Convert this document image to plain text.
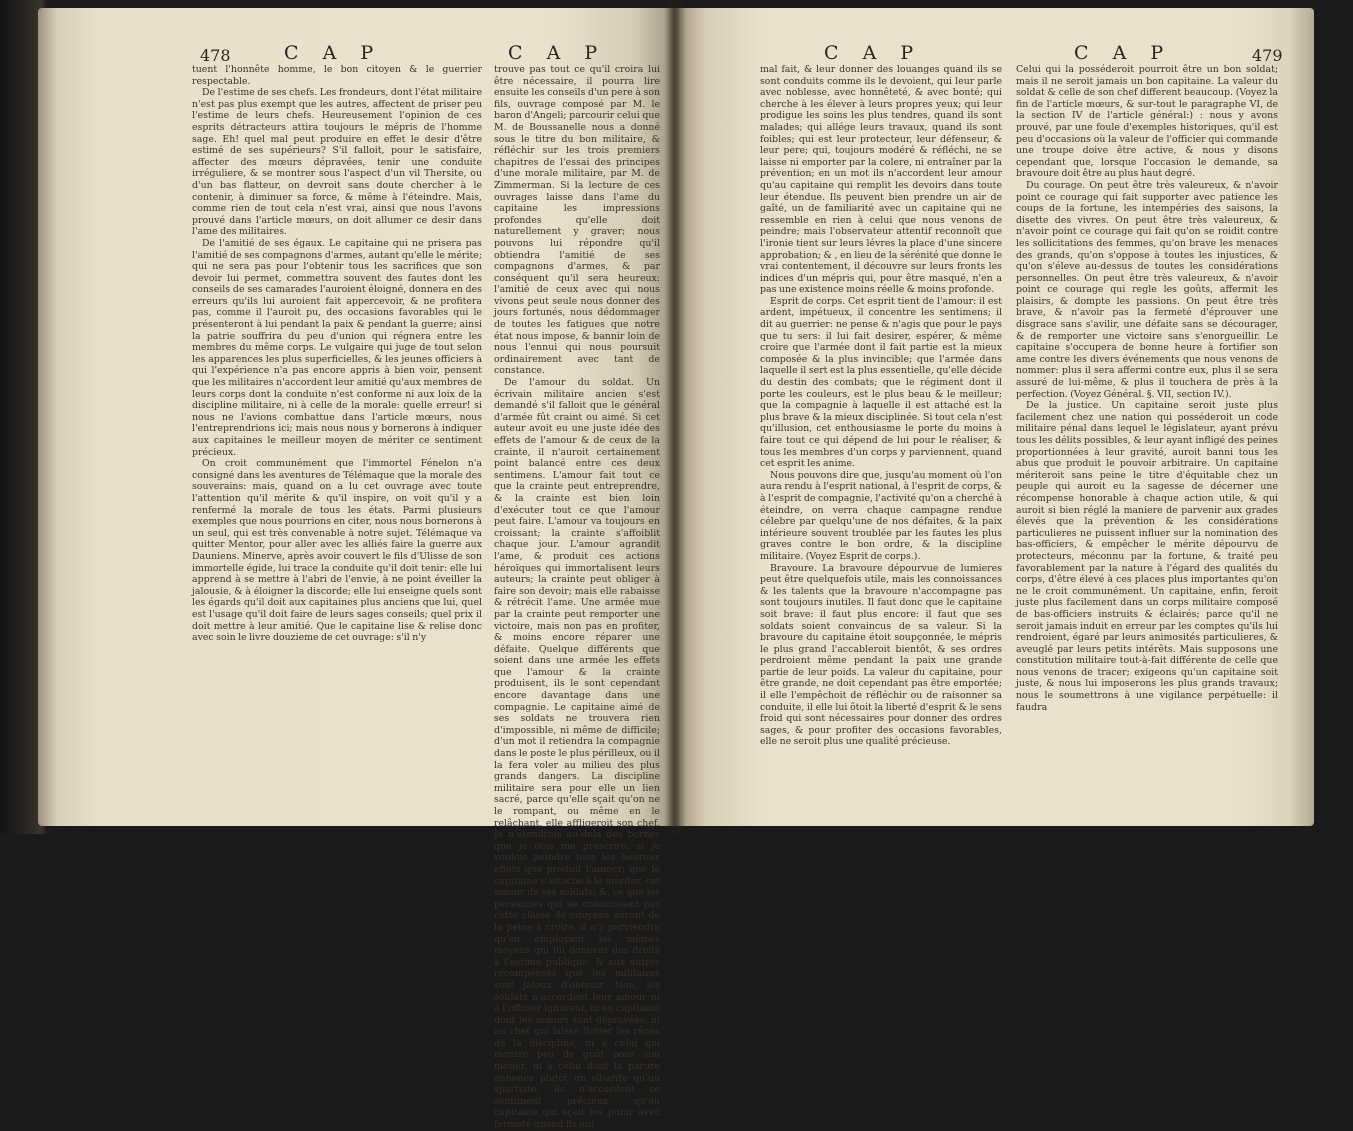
478	C A P	C A P

tuent l'honnête homme, le bon citoyen & le guerrier respectable.

De l'estime de ses chefs. Les frondeurs, dont l'état militaire n'est pas plus exempt que les autres, affectent de priser peu l'estime de leurs chefs. Heureusement l'opinion de ces esprits détracteurs attira toujours le mépris de l'homme sage. Eh! quel mal peut produire en effet le desir d'être estimé de ses supérieurs? S'il falloit, pour le satisfaire, affecter des mœurs dépravées, tenir une conduite irréguliere, & se montrer sous l'aspect d'un vil Thersite, ou d'un bas flatteur, on devroit sans doute chercher à le contenir, à diminuer sa force, & même à l'éteindre. Mais, comme rien de tout cela n'est vrai, ainsi que nous l'avons prouvé dans l'article mœurs, on doit allumer ce desir dans l'ame des militaires.

De l'amitié de ses égaux. Le capitaine qui ne prisera pas l'amitié de ses compagnons d'armes, autant qu'elle le mérite; qui ne sera pas pour l'obtenir tous les sacrifices que son devoir lui permet, commettra souvent des fautes dont les conseils de ses camarades l'auroient éloigné, donnera en des erreurs qu'ils lui auroient fait appercevoir, & ne profitera pas, comme il l'auroit pu, des occasions favorables qui le présenteront à lui pendant la paix & pendant la guerre; ainsi la patrie souffrira du peu d'union qui régnera entre les membres du même corps. Le vulgaire qui juge de tout selon les apparences les plus superficielles, & les jeunes officiers à qui l'expérience n'a pas encore appris à bien voir, pensent que les militaires n'accordent leur amitié qu'aux membres de leurs corps dont la conduite n'est conforme ni aux loix de la discipline militaire, ni à celle de la morale: quelle erreur! si nous ne l'avions combattue dans l'article mœurs, nous l'entreprendrions ici; mais nous nous y bornerons à indiquer aux capitaines le meilleur moyen de mériter ce sentiment précieux.

On croit communément que l'immortel Fénelon n'a consigné dans les aventures de Télémaque que la morale des souverains: mais, quand on a lu cet ouvrage avec toute l'attention qu'il mérite & qu'il inspire, on voit qu'il y a renfermé la morale de tous les états. Parmi plusieurs exemples que nous pourrions en citer, nous nous bornerons à un seul, qui est très convenable à notre sujet. Télémaque va quitter Mentor, pour aller avec les alliés faire la guerre aux Dauniens. Minerve, après avoir couvert le fils d'Ulisse de son immortelle égide, lui trace la conduite qu'il doit tenir: elle lui apprend à se mettre à l'abri de l'envie, à ne point éveiller la jalousie, & à éloigner la discorde; elle lui enseigne quels sont les égards qu'il doit aux capitaines plus anciens que lui, quel est l'usage qu'il doit faire de leurs sages conseils; quel prix il doit mettre à leur amitié. Que le capitaine lise & relise donc avec soin le livre douzieme de cet ouvrage: s'il n'y

trouve pas tout ce qu'il croira lui être nécessaire, il pourra lire ensuite les conseils d'un pere à son fils, ouvrage composé par M. le baron d'Angeli; parcourir celui que M. de Boussanelle nous a donné sous le titre du bon militaire, & réfléchir sur les trois premiers chapitres de l'essai des principes d'une morale militaire, par M. de Zimmerman. Si la lecture de ces ouvrages laisse dans l'ame du capitaine les impressions profondes qu'elle doit naturellement y graver; nous pouvons lui répondre qu'il obtiendra l'amitié de ses compagnons d'armes, & par conséquent qu'il sera heureux: l'amitié de ceux avec qui nous vivons peut seule nous donner des jours fortunés, nous dédommager de toutes les fatigues que notre état nous impose, & bannir loin de nous l'ennui qui nous poursuit ordinairement avec tant de constance.

De l'amour du soldat. Un écrivain militaire ancien s'est demandé s'il falloit que le général d'armée fût craint ou aimé. Si cet auteur avoit eu une juste idée des effets de l'amour & de ceux de la crainte, il n'auroit certainement point balancé entre ces deux sentimens. L'amour fait tout ce que la crainte peut entreprendre, & la crainte est bien loin d'exécuter tout ce que l'amour peut faire. L'amour va toujours en croissant; la crainte s'affoiblit chaque jour. L'amour agrandit l'ame, & produit ces actions héroïques qui immortalisent leurs auteurs; la crainte peut obliger à faire son devoir; mais elle rabaisse & rétrécit l'ame. Une armée mue par la crainte peut remporter une victoire, mais non pas en profiter, & moins encore réparer une défaite. Quelque différents que soient dans une armée les effets que l'amour & la crainte produisent, ils le sont cependant encore davantage dans une compagnie. Le capitaine aimé de ses soldats ne trouvera rien d'impossible, ni même de difficile; d'un mot il retiendra la compagnie dans le poste le plus périlleux, ou il la fera voler au milieu des plus grands dangers. La discipline militaire sera pour elle un lien sacré, parce qu'elle sçait qu'on ne le rompant, ou même en le relâchant, elle affligeroit son chef. Je n'étendrois au-delà des bornes que je dois me prescrire, si je voulois peindre tous les heureux effets que produit l'amour; que le capitaine s'attache à le mériter, cet amour de ses soldats; &, ce que les personnes qui ne connoissent pas cette classe de citoyens auront de la peine à croire, il n'y parviendra qu'en employant les mêmes moyens qui lui donnent des droits à l'estime publique, & aux autres récompenses que les militaires sont jaloux d'obtenir. Non, les soldats n'accordent leur amour ni à l'officier ignorant, ni au capitaine dont les mœurs sont dépravées, ni au chef qui laisse flotter les rênes de la discipline, ni à celui qui montre peu de goût pour son métier, ni à celui dont la parure annonce plutôt un sibarite qu'un spartiate: ils n'accordent ce sentiment précieux qu'au capitaine qui sçait les punir avec fermeté quand ils ont

C A P	C A P	479

mal fait, & leur donner des louanges quand ils se sont conduits comme ils le devoient, qui leur parle avec noblesse, avec honnêteté, & avec bonté; qui cherche à les élever à leurs propres yeux; qui leur prodigue les soins les plus tendres, quand ils sont malades; qui allége leurs travaux, quand ils sont foibles; qui est leur protecteur, leur défenseur, & leur pere; qui, toujours modéré & réfléchi, ne se laisse ni emporter par la colere, ni entraîner par la prévention; en un mot ils n'accordent leur amour qu'au capitaine qui remplit les devoirs dans toute leur étendue. Ils peuvent bien prendre un air de gaîté, un de familiarité avec un capitaine qui ne ressemble en rien à celui que nous venons de peindre; mais l'observateur attentif reconnoît que l'ironie tient sur leurs lévres la place d'une sincere approbation; & , en lieu de la sérénité que donne le vrai contentement, il découvre sur leurs fronts les indices d'un mépris qui, pour être masqué, n'en a pas une existence moins réelle & moins profonde.

Esprit de corps. Cet esprit tient de l'amour: il est ardent, impétueux, il concentre les sentimens; il dit au guerrier: ne pense & n'agis que pour le pays que tu sers: il lui fait desirer, espérer, & même croire que l'armée dont il fait partie est la mieux composée & la plus invincible; que l'armée dans laquelle il sert est la plus essentielle, qu'elle décide du destin des combats; que le régiment dont il porte les couleurs, est le plus beau & le meilleur; que la compagnie à laquelle il est attaché est la plus brave & la mieux disciplinée. Si tout cela n'est qu'illusion, cet enthousiasme le porte du moins à faire tout ce qui dépend de lui pour le réaliser, & tous les membres d'un corps y parviennent, quand cet esprit les anime.

Nous pouvons dire que, jusqu'au moment où l'on aura rendu à l'esprit national, à l'esprit de corps, & à l'esprit de compagnie, l'activité qu'on a cherché à éteindre, on verra chaque campagne rendue célebre par quelqu'une de nos défaites, & la paix intérieure souvent troublée par les fautes les plus graves contre le bon ordre, & la discipline militaire. (Voyez Esprit de corps.).

Bravoure. La bravoure dépourvue de lumieres peut être quelquefois utile, mais les connoissances & les talents que la bravoure n'accompagne pas sont toujours inutiles. Il faut donc que le capitaine soit brave: il faut plus encore: il faut que ses soldats soient convaincus de sa valeur. Si la bravoure du capitaine étoit soupçonnée, le mépris le plus grand l'accableroit bientôt, & ses ordres perdroient même pendant la paix une grande partie de leur poids. La valeur du capitaine, pour être grande, ne doit cependant pas être emportée; il elle l'empêchoit de réfléchir ou de raisonner sa conduite, il elle lui ôtoit la liberté d'esprit & le sens froid qui sont nécessaires pour donner des ordres sages, & pour profiter des occasions favorables, elle ne seroit plus une qualité précieuse.

Celui qui la posséderoit pourroit être un bon soldat; mais il ne seroit jamais un bon capitaine. La valeur du soldat & celle de son chef different beaucoup. (Voyez la fin de l'article mœurs, & sur-tout le paragraphe VI, de la section IV de l'article général:) : nous y avons prouvé, par une foule d'exemples historiques, qu'il est peu d'occasions où la valeur de l'officier qui commande une troupe doive être active, & nous y disons cependant que, lorsque l'occasion le demande, sa bravoure doit être au plus haut degré.

Du courage. On peut être très valeureux, & n'avoir point ce courage qui fait supporter avec patience les coups de la fortune, les intempéries des saisons, la disette des vivres. On peut être très valeureux, & n'avoir point ce courage qui fait qu'on se roidit contre les sollicitations des femmes, qu'on brave les menaces des grands, qu'on s'oppose à toutes les injustices, & qu'on s'éleve au-dessus de toutes les considérations personnelles. On peut être très valeureux, & n'avoir point ce courage qui regle les goûts, affermit les plaisirs, & dompte les passions. On peut être très brave, & n'avoir pas la fermeté d'éprouver une disgrace sans s'avilir, une défaite sans se décourager, & de remporter une victoire sans s'enorgueillir. Le capitaine s'occupera de bonne heure à fortifier son ame contre les divers événements que nous venons de nommer: plus il sera affermi contre eux, plus il se sera assuré de lui-même, & plus il touchera de près à la perfection. (Voyez Général. §. VII, section IV.).

De la justice. Un capitaine seroit juste plus facilement chez une nation qui posséderoit un code militaire pénal dans lequel le législateur, ayant prévu tous les délits possibles, & leur ayant infligé des peines proportionnées à leur gravité, auroit banni tous les abus que produit le pouvoir arbitraire. Un capitaine mériteroit sans peine le titre d'équitable chez un peuple qui auroit eu la sagesse de décerner une récompense honorable à chaque action utile, & qui auroit si bien réglé la maniere de parvenir aux grades élevés que la prévention & les considérations particulieres ne puissent influer sur la nomination des bas-officiers, & empêcher le mérite dépourvu de protecteurs, méconnu par la fortune, & traité peu favorablement par la nature à l'égard des qualités du corps, d'être élevé à ces places plus importantes qu'on ne le croit communément. Un capitaine, enfin, feroit juste plus facilement dans un corps militaire composé de bas-officiers instruits & éclairés; parce qu'il ne seroit jamais induit en erreur par les comptes qu'ils lui rendroient, égaré par leurs animosités particulieres, & aveuglé par leurs petits intérêts. Mais supposons une constitution militaire tout-à-fait différente de celle que nous venons de tracer; exigeons qu'un capitaine soit juste, & nous lui imposerons les plus grands travaux; nous le soumettrons à une vigilance perpétuelle: il faudra
